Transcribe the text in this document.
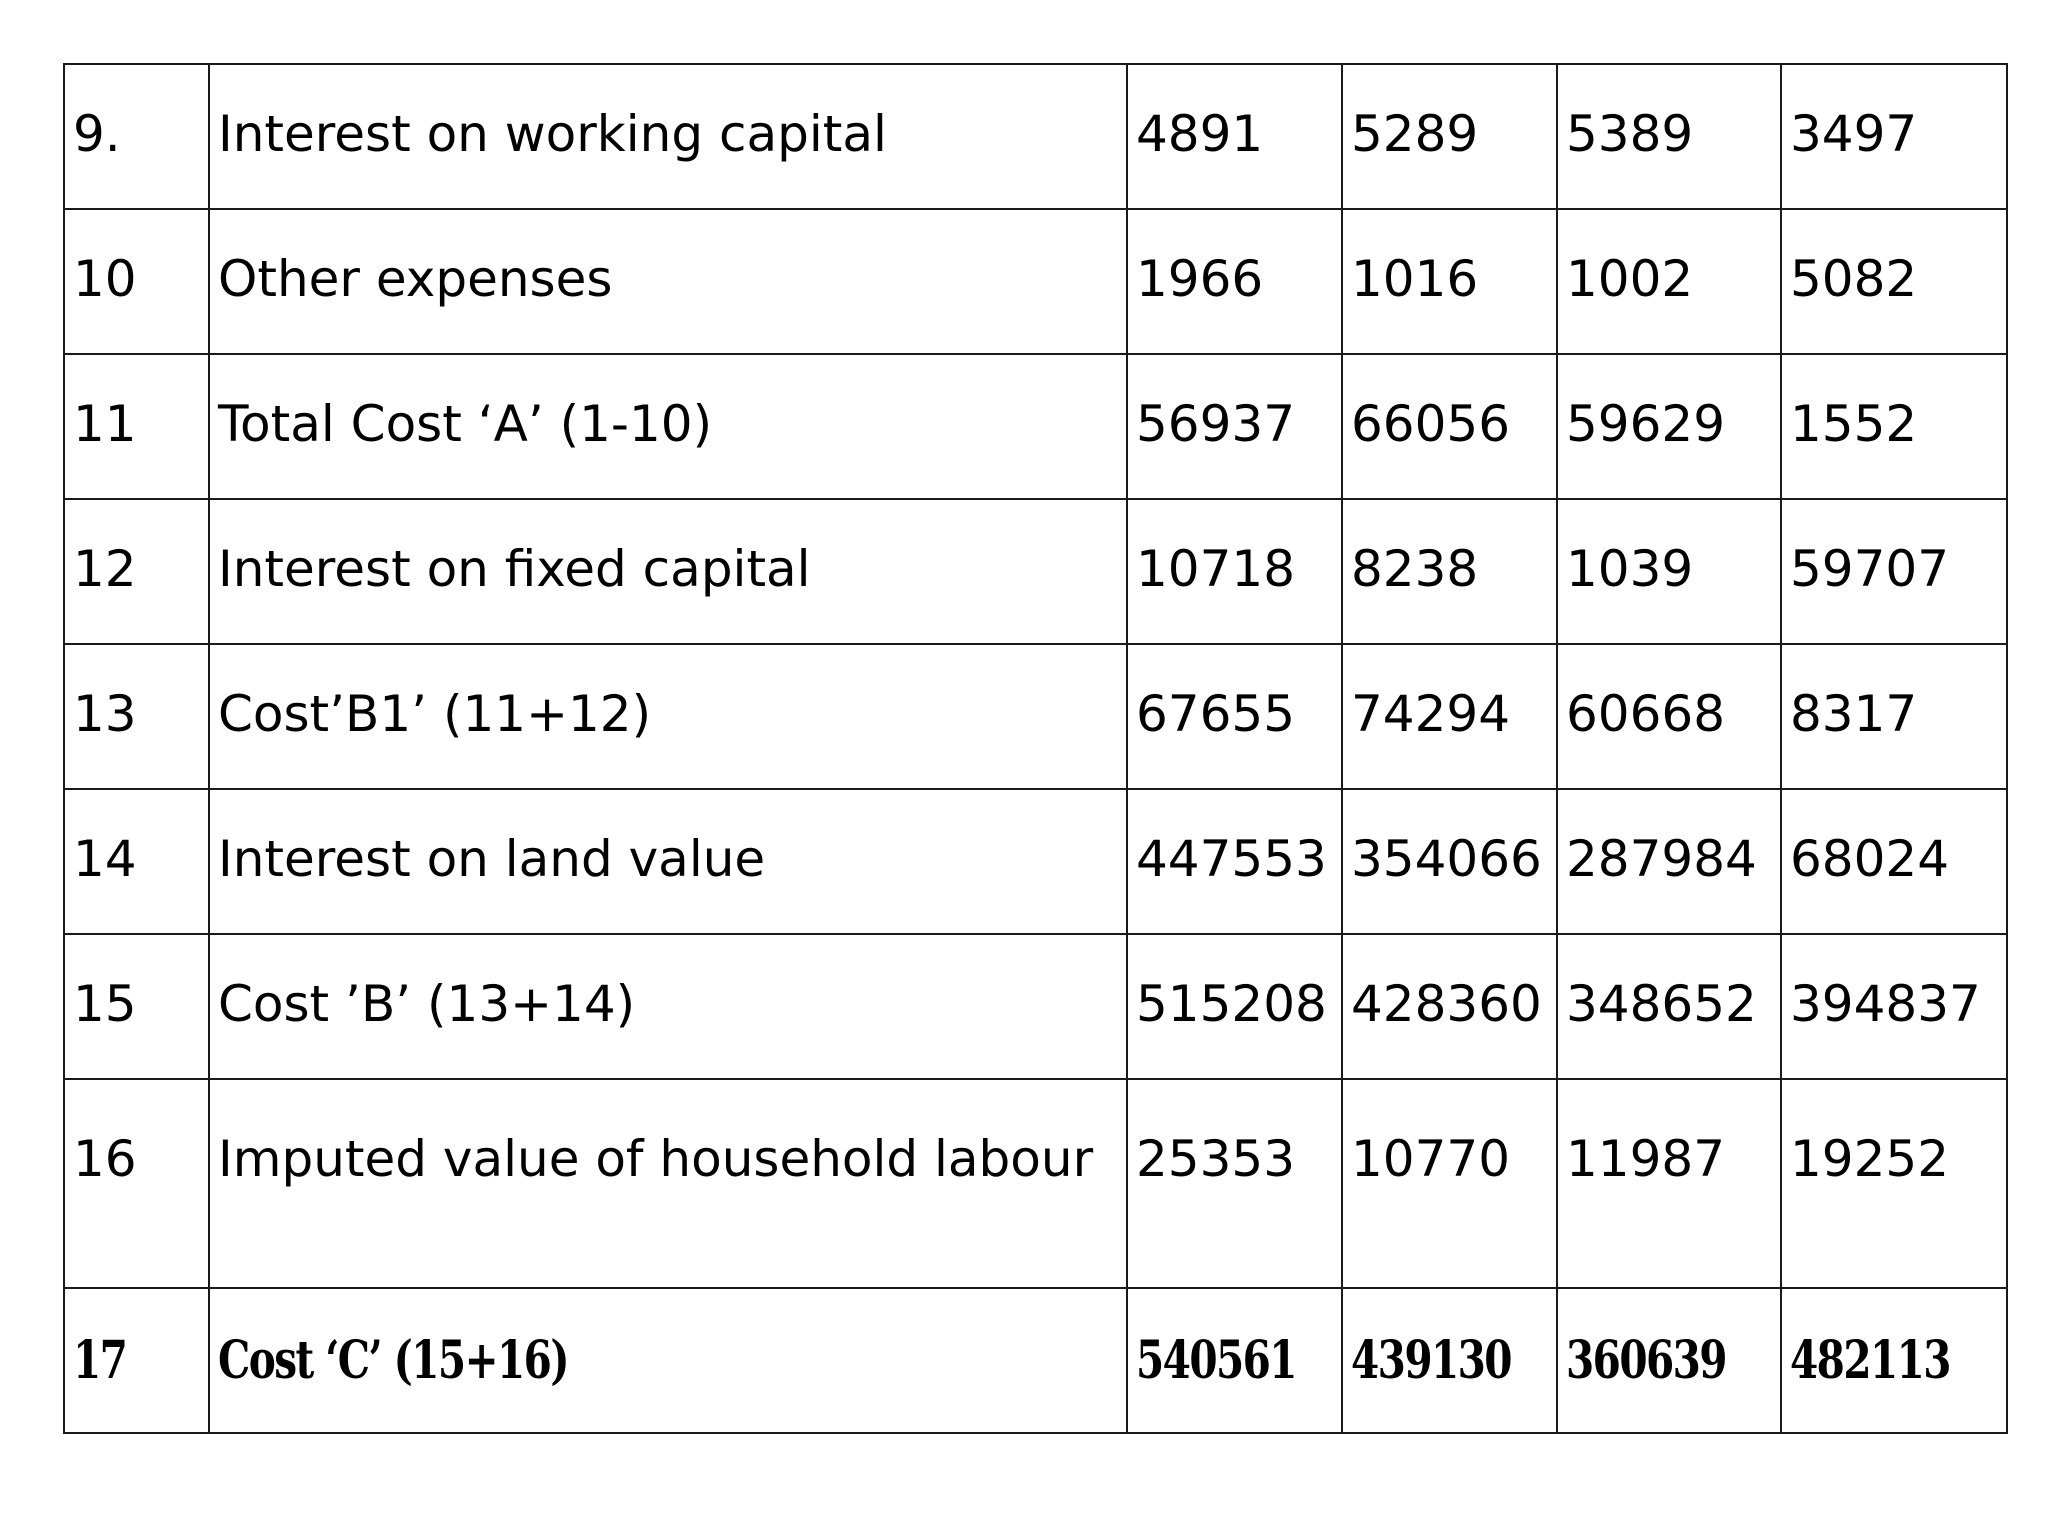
9.	Interest on working capital	4891	5289	5389	3497
10	Other expenses	1966	1016	1002	5082
11	Total Cost ‘A’ (1-10)	56937	66056	59629	1552
12	Interest on fixed capital	10718	8238	1039	59707
13	Cost’B1’ (11+12)	67655	74294	60668	8317
14	Interest on land value	447553	354066	287984	68024
15	Cost ’B’ (13+14)	515208	428360	348652	394837
16	Imputed value of household labour	25353	10770	11987	19252
17	Cost ‘C’ (15+16)	540561	439130	360639	482113
